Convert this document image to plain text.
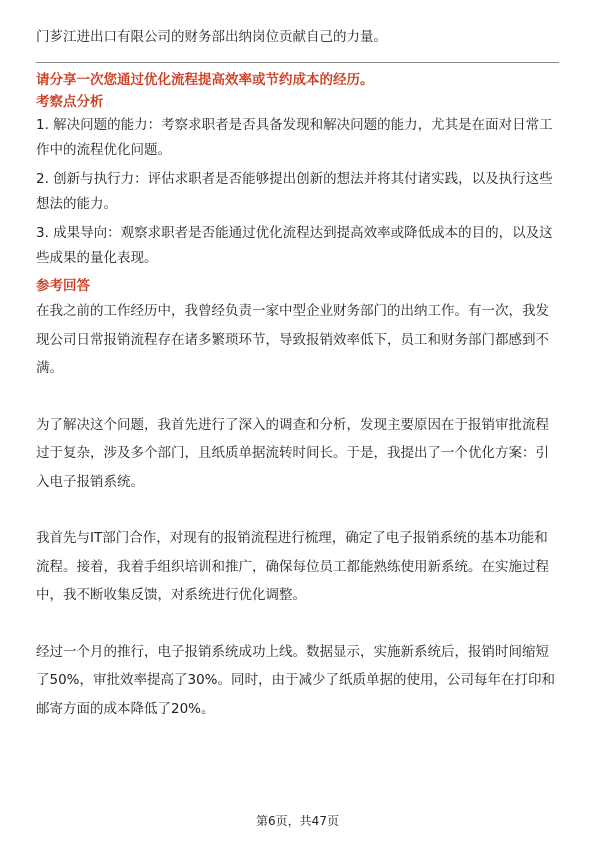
门芗江进出口有限公司的财务部出纳岗位贡献自己的力量。

请分享一次您通过优化流程提高效率或节约成本的经历。

考察点分析

1. 解决问题的能力：考察求职者是否具备发现和解决问题的能力，尤其是在面对日常工作中的流程优化问题。

2. 创新与执行力：评估求职者是否能够提出创新的想法并将其付诸实践，以及执行这些想法的能力。

3. 成果导向：观察求职者是否能通过优化流程达到提高效率或降低成本的目的，以及这些成果的量化表现。

参考回答

在我之前的工作经历中，我曾经负责一家中型企业财务部门的出纳工作。有一次，我发现公司日常报销流程存在诸多繁琐环节，导致报销效率低下，员工和财务部门都感到不满。

为了解决这个问题，我首先进行了深入的调查和分析，发现主要原因在于报销审批流程过于复杂，涉及多个部门，且纸质单据流转时间长。于是，我提出了一个优化方案：引入电子报销系统。

我首先与IT部门合作，对现有的报销流程进行梳理，确定了电子报销系统的基本功能和流程。接着，我着手组织培训和推广，确保每位员工都能熟练使用新系统。在实施过程中，我不断收集反馈，对系统进行优化调整。

经过一个月的推行，电子报销系统成功上线。数据显示，实施新系统后，报销时间缩短了50%，审批效率提高了30%。同时，由于减少了纸质单据的使用，公司每年在打印和邮寄方面的成本降低了20%。

第6页，共47页
